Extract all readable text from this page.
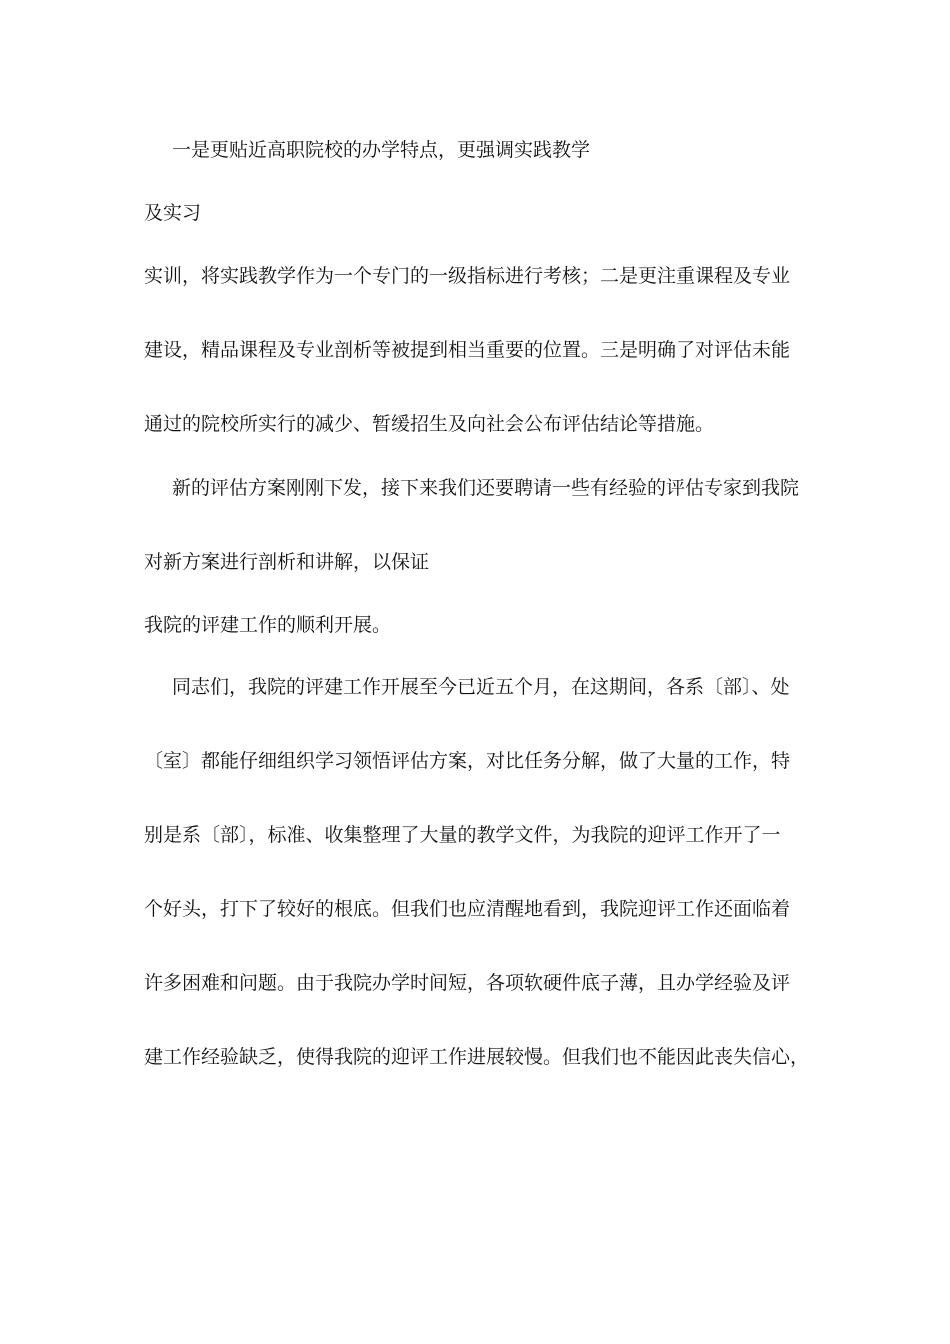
一是更贴近高职院校的办学特点，更强调实践教学
及实习
实训，将实践教学作为一个专门的一级指标进行考核；二是更注重课程及专业
建设，精品课程及专业剖析等被提到相当重要的位置。三是明确了对评估未能
通过的院校所实行的减少、暂缓招生及向社会公布评估结论等措施。
新的评估方案刚刚下发，接下来我们还要聘请一些有经验的评估专家到我院
对新方案进行剖析和讲解，以保证
我院的评建工作的顺利开展。
同志们，我院的评建工作开展至今已近五个月，在这期间，各系〔部〕、处
〔室〕都能仔细组织学习领悟评估方案，对比任务分解，做了大量的工作，特
别是系〔部〕，标准、收集整理了大量的教学文件，为我院的迎评工作开了一
个好头，打下了较好的根底。但我们也应清醒地看到，我院迎评工作还面临着
许多困难和问题。由于我院办学时间短，各项软硬件底子薄，且办学经验及评
建工作经验缺乏，使得我院的迎评工作进展较慢。但我们也不能因此丧失信心，
